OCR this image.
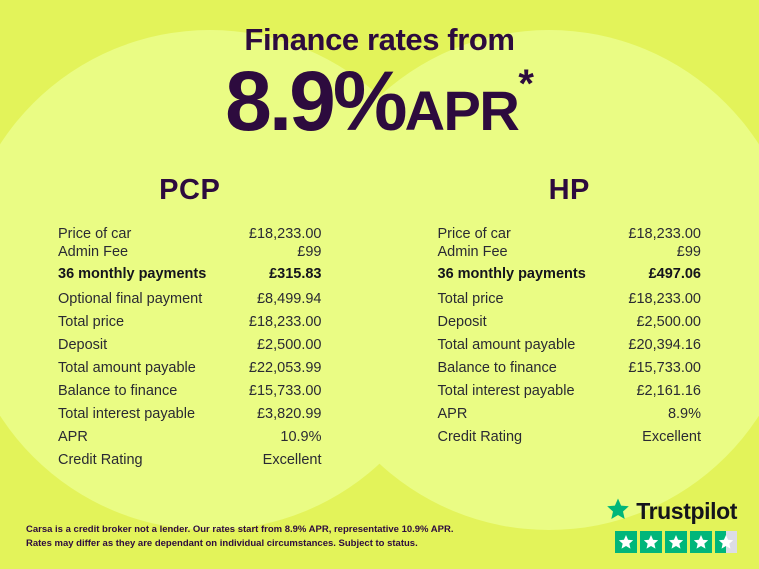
Finance rates from
8.9%APR*
PCP
Price of car	£18,233.00
Admin Fee	£99
36 monthly payments	£315.83
Optional final payment	£8,499.94
Total price	£18,233.00
Deposit	£2,500.00
Total amount payable	£22,053.99
Balance to finance	£15,733.00
Total interest payable	£3,820.99
APR	10.9%
Credit Rating	Excellent
HP
Price of car	£18,233.00
Admin Fee	£99
36 monthly payments	£497.06
Total price	£18,233.00
Deposit	£2,500.00
Total amount payable	£20,394.16
Balance to finance	£15,733.00
Total interest payable	£2,161.16
APR	8.9%
Credit Rating	Excellent
Carsa is a credit broker not a lender. Our rates start from 8.9% APR, representative 10.9% APR.
Rates may differ as they are dependant on individual circumstances. Subject to status.
Trustpilot
